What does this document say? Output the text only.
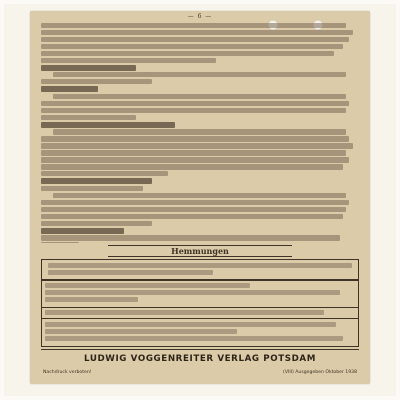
— 6 —
Hemmungen
LUDWIG VOGGENREITER VERLAG POTSDAM
Nachdruck verboten!	(VIII) Ausgegeben Oktober 1938
